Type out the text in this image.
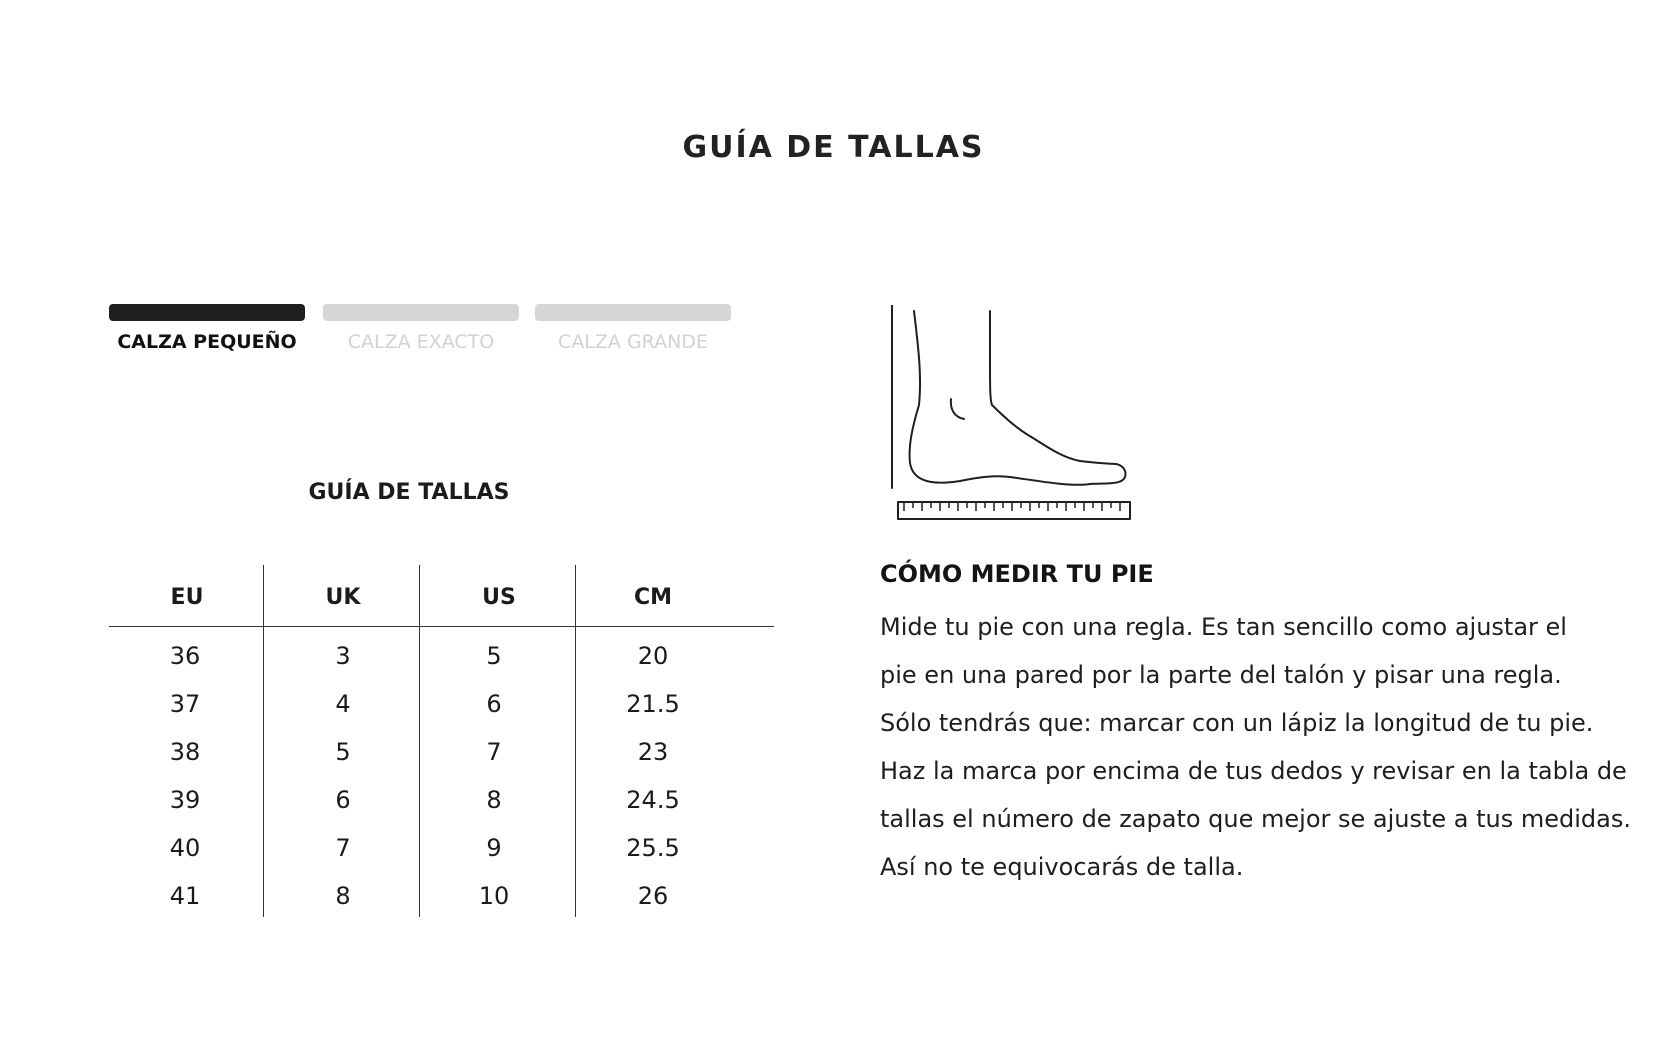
GUÍA DE TALLAS
CALZA PEQUEÑO	CALZA EXACTO	CALZA GRANDE
GUÍA DE TALLAS
EU	UK	US	CM
36	3	5	20
37	4	6	21.5
38	5	7	23
39	6	8	24.5
40	7	9	25.5
41	8	10	26
CÓMO MEDIR TU PIE
Mide tu pie con una regla. Es tan sencillo como ajustar el
pie en una pared por la parte del talón y pisar una regla.
Sólo tendrás que: marcar con un lápiz la longitud de tu pie.
Haz la marca por encima de tus dedos y revisar en la tabla de
tallas el número de zapato que mejor se ajuste a tus medidas.
Así no te equivocarás de talla.
